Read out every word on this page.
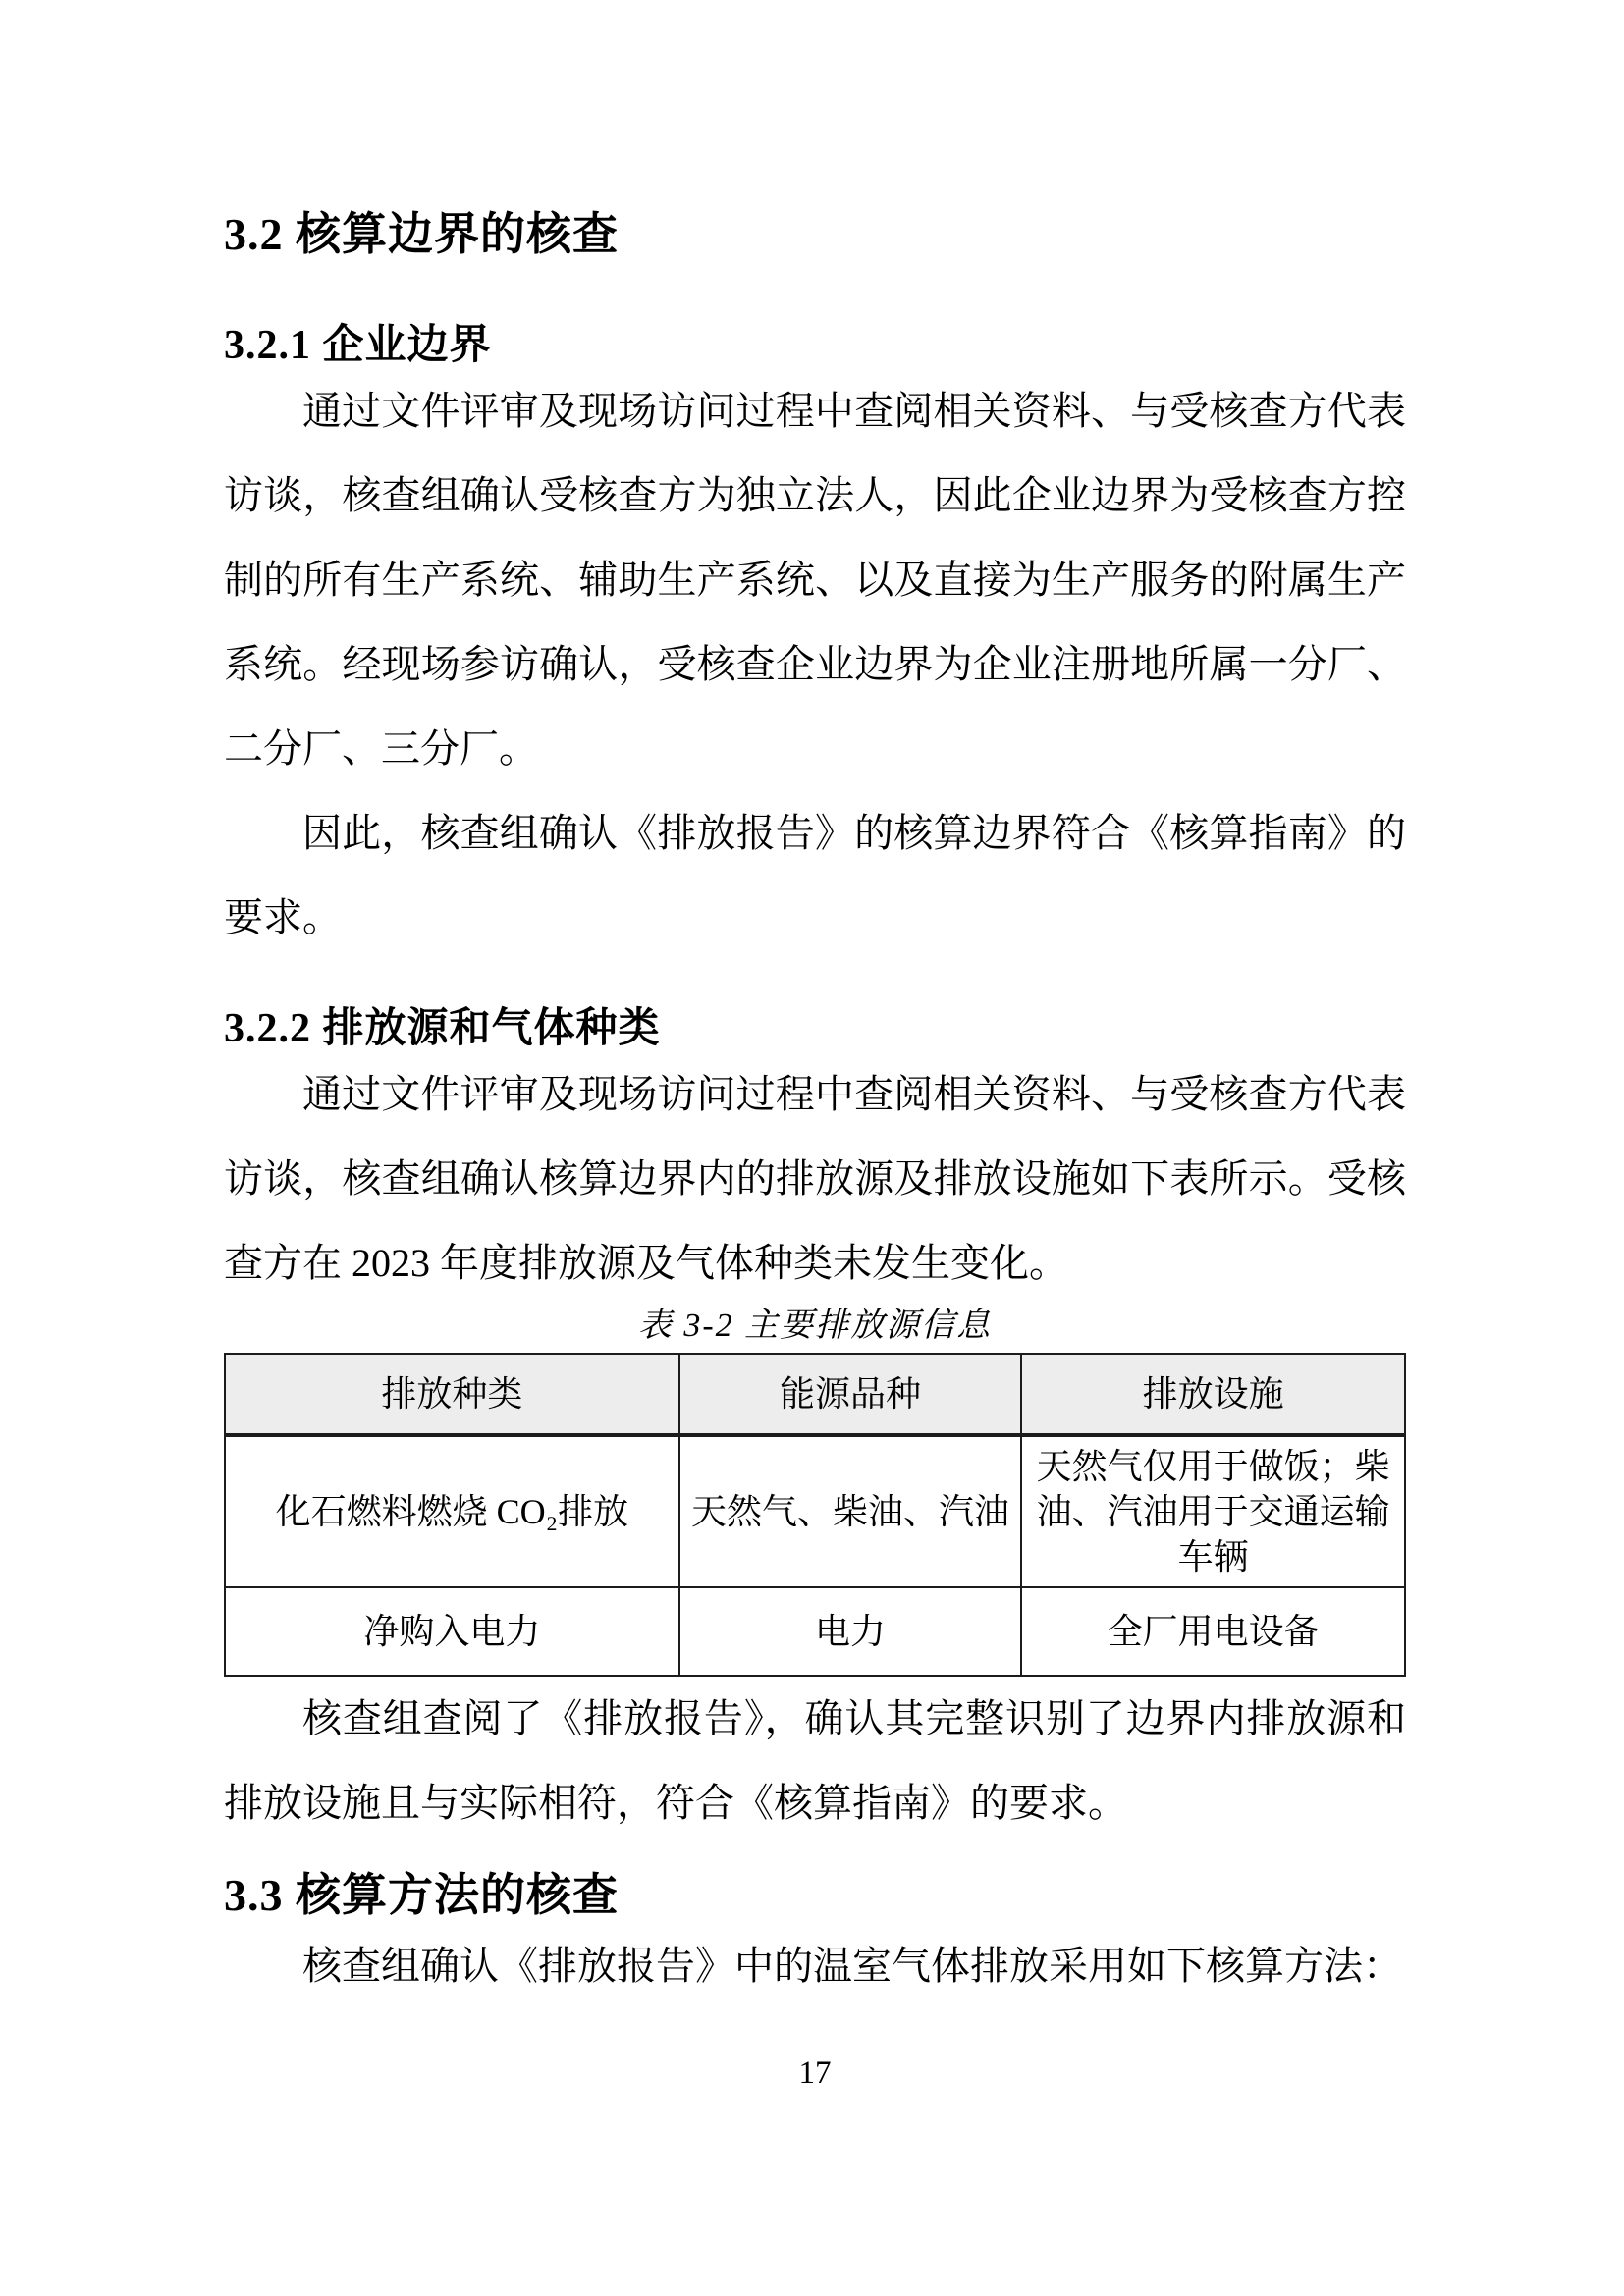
3.2 核算边界的核查
3.2.1 企业边界

通过文件评审及现场访问过程中查阅相关资料、与受核查方代表访谈，核查组确认受核查方为独立法人，因此企业边界为受核查方控制的所有生产系统、辅助生产系统、以及直接为生产服务的附属生产系统。经现场参访确认，受核查企业边界为企业注册地所属一分厂、二分厂、三分厂。

因此，核查组确认《排放报告》的核算边界符合《核算指南》的要求。

3.2.2 排放源和气体种类

通过文件评审及现场访问过程中查阅相关资料、与受核查方代表访谈，核查组确认核算边界内的排放源及排放设施如下表所示。受核查方在 2023 年度排放源及气体种类未发生变化。

表 3-2 主要排放源信息

排放种类	能源品种	排放设施
化石燃料燃烧 CO₂排放	天然气、柴油、汽油	天然气仅用于做饭；柴油、汽油用于交通运输车辆
净购入电力	电力	全厂用电设备

核查组查阅了《排放报告》，确认其完整识别了边界内排放源和排放设施且与实际相符，符合《核算指南》的要求。

3.3 核算方法的核查

核查组确认《排放报告》中的温室气体排放采用如下核算方法：

17
